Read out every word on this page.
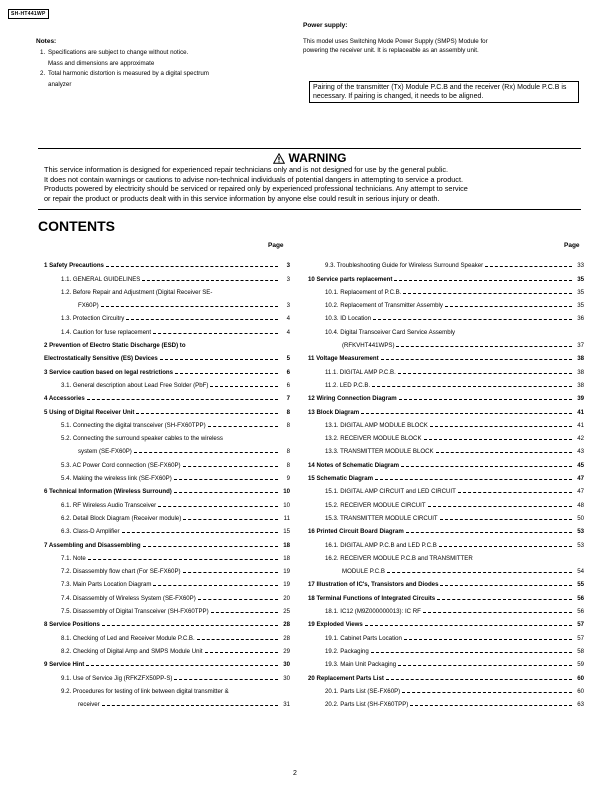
SH-HT441WP
Notes:
1. Specifications are subject to change without notice.
Mass and dimensions are approximate
2. Total harmonic distortion is measured by a digital spectrum
analyzer
Power supply:
This model uses Switching Mode Power Supply (SMPS) Module for
powering the receiver unit. It is replaceable as an assembly unit.
Pairing of the transmitter (Tx) Module P.C.B and the receiver (Rx) Module P.C.B is necessary. If pairing is changed, it needs to be aligned.
WARNING
This service information is designed for experienced repair technicians only and is not designed for use by the general public.
It does not contain warnings or cautions to advise non-technical individuals of potential dangers in attempting to service a product.
Products powered by electricity should be serviced or repaired only by experienced professional technicians. Any attempt to service
or repair the product or products dealt with in this service information by anyone else could result in serious injury or death.
CONTENTS
Page	Page
1 Safety Precautions	3
1.1. GENERAL GUIDELINES	3
1.2. Before Repair and Adjustment (Digital Receiver SE-
FX60P)	3
1.3. Protection Circuitry	4
1.4. Caution for fuse replacement	4
2 Prevention of Electro Static Discharge (ESD) to
Electrostatically Sensitive (ES) Devices	5
3 Service caution based on legal restrictions	6
3.1. General description about Lead Free Solder (PbF)	6
4 Accessories	7
5 Using of Digital Receiver Unit	8
5.1. Connecting the digital transceiver (SH-FX60TPP)	8
5.2. Connecting the surround speaker cables to the wireless
system (SE-FX60P)	8
5.3. AC Power Cord connection (SE-FX60P)	8
5.4. Making the wireless link (SE-FX60P)	9
6 Technical Information (Wireless Surround)	10
6.1. RF Wireless Audio Transceiver	10
6.2. Detail Block Diagram (Receiver module)	11
6.3. Class-D Amplifier	15
7 Assembling and Disassembling	18
7.1. Note	18
7.2. Disassembly flow chart (For SE-FX60P)	19
7.3. Main Parts Location Diagram	19
7.4. Disassembly of Wireless System (SE-FX60P)	20
7.5. Disassembly of Digital Transceiver (SH-FX60TPP)	25
8 Service Positions	28
8.1. Checking of Led and Receiver Module P.C.B.	28
8.2. Checking of Digital Amp and SMPS Module Unit	29
9 Service Hint	30
9.1. Use of Service Jig (RFKZFX50PP-S)	30
9.2. Procedures for testing of link between digital transmitter &
receiver	31
9.3. Troubleshooting Guide for Wireless Surround Speaker	33
10 Service parts replacement	35
10.1. Replacement of P.C.B.	35
10.2. Replacement of Transmitter Assembly	35
10.3. ID Location	36
10.4. Digital Transceiver Card Service Assembly
(RFKVHT441WPS)	37
11 Voltage Measurement	38
11.1. DIGITAL AMP P.C.B.	38
11.2. LED P.C.B.	38
12 Wiring Connection Diagram	39
13 Block Diagram	41
13.1. DIGITAL AMP MODULE BLOCK	41
13.2. RECEIVER MODULE BLOCK	42
13.3. TRANSMITTER MODULE BLOCK	43
14 Notes of Schematic Diagram	45
15 Schematic Diagram	47
15.1. DIGITAL AMP CIRCUIT and LED CIRCUIT	47
15.2. RECEIVER MODULE CIRCUIT	48
15.3. TRANSMITTER MODULE CIRCUIT	50
16 Printed Circuit Board Diagram	53
16.1. DIGITAL AMP P.C.B and LED P.C.B	53
16.2. RECEIVER MODULE P.C.B and TRANSMITTER
MODULE P.C.B	54
17 Illustration of IC's, Transistors and Diodes	55
18 Terminal Functions of Integrated Circuits	56
18.1. IC12 (M9Z000000013): IC RF	56
19 Exploded Views	57
19.1. Cabinet Parts Location	57
19.2. Packaging	58
19.3. Main Unit Packaging	59
20 Replacement Parts List	60
20.1. Parts List (SE-FX60P)	60
20.2. Parts List (SH-FX60TPP)	63
2
